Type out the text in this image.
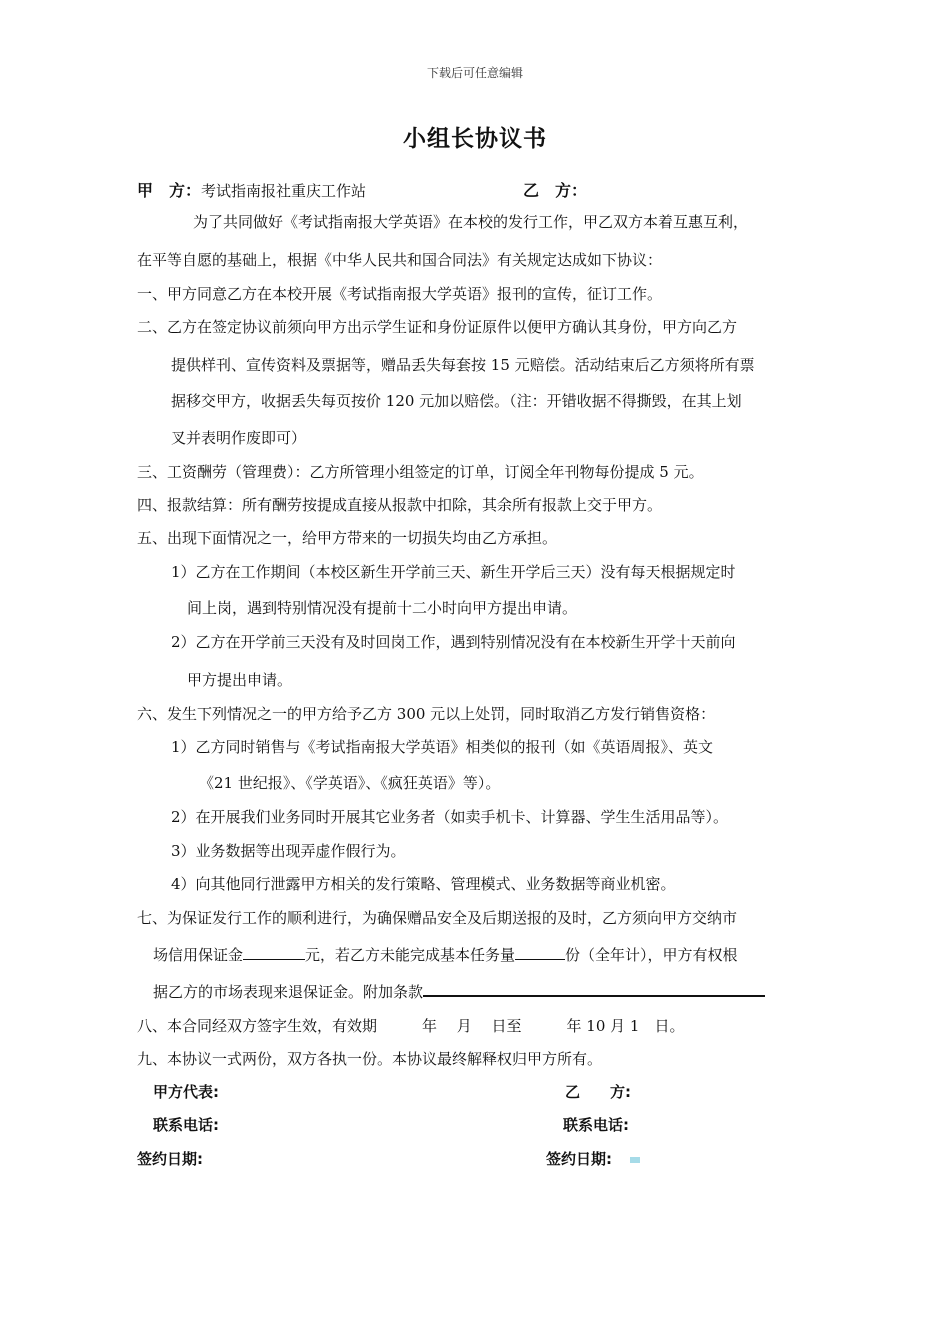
下载后可任意编辑
小组长协议书
甲　方：考试指南报社重庆工作站	乙　方：
为了共同做好《考试指南报大学英语》在本校的发行工作，甲乙双方本着互惠互利，
在平等自愿的基础上，根据《中华人民共和国合同法》有关规定达成如下协议：
一、甲方同意乙方在本校开展《考试指南报大学英语》报刊的宣传，征订工作。
二、乙方在签定协议前须向甲方出示学生证和身份证原件以便甲方确认其身份，甲方向乙方
提供样刊、宣传资料及票据等，赠品丢失每套按 15 元赔偿。活动结束后乙方须将所有票
据移交甲方，收据丢失每页按价 120 元加以赔偿。（注：开错收据不得撕毁，在其上划
叉并表明作废即可）
三、工资酬劳（管理费）：乙方所管理小组签定的订单，订阅全年刊物每份提成 5 元。
四、报款结算：所有酬劳按提成直接从报款中扣除，其余所有报款上交于甲方。
五、出现下面情况之一，给甲方带来的一切损失均由乙方承担。
1）乙方在工作期间（本校区新生开学前三天、新生开学后三天）没有每天根据规定时
间上岗，遇到特别情况没有提前十二小时向甲方提出申请。
2）乙方在开学前三天没有及时回岗工作，遇到特别情况没有在本校新生开学十天前向
甲方提出申请。
六、发生下列情况之一的甲方给予乙方 300 元以上处罚，同时取消乙方发行销售资格：
1）乙方同时销售与《考试指南报大学英语》相类似的报刊（如《英语周报》、英文
《21 世纪报》、《学英语》、《疯狂英语》等）。
2）在开展我们业务同时开展其它业务者（如卖手机卡、计算器、学生生活用品等）。
3）业务数据等出现弄虚作假行为。
4）向其他同行泄露甲方相关的发行策略、管理模式、业务数据等商业机密。
七、为保证发行工作的顺利进行，为确保赠品安全及后期送报的及时，乙方须向甲方交纳市
场信用保证金	元，若乙方未能完成基本任务量	份（全年计），甲方有权根
据乙方的市场表现来退保证金。附加条款
八、本合同经双方签字生效，有效期　　　年　 月　 日至　　　年 10 月 1　日。
九、本协议一式两份，双方各执一份。本协议最终解释权归甲方所有。
甲方代表:	乙　　方:
联系电话:	联系电话:
签约日期:	签约日期:
